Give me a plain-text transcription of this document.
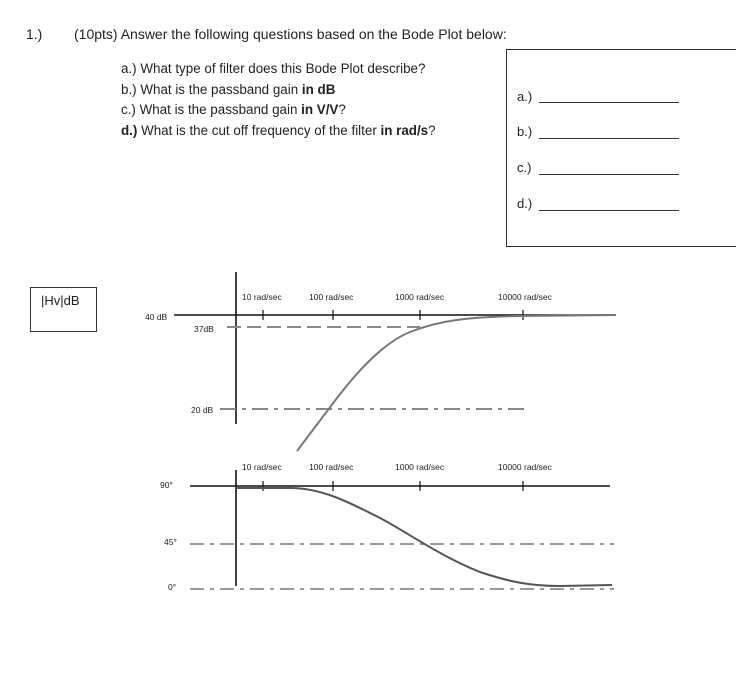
1.) (10pts) Answer the following questions based on the Bode Plot below:
a.) What type of filter does this Bode Plot describe?
b.) What is the passband gain in dB
c.) What is the passband gain in V/V?
d.) What is the cut off frequency of the filter in rad/s?
a.)
b.)
c.)
d.)
|Hv|dB	10 rad/sec	100 rad/sec	1000 rad/sec	10000 rad/sec
40 dB
37dB
20 dB
10 rad/sec	100 rad/sec	1000 rad/sec	10000 rad/sec
90°
45°
0°
